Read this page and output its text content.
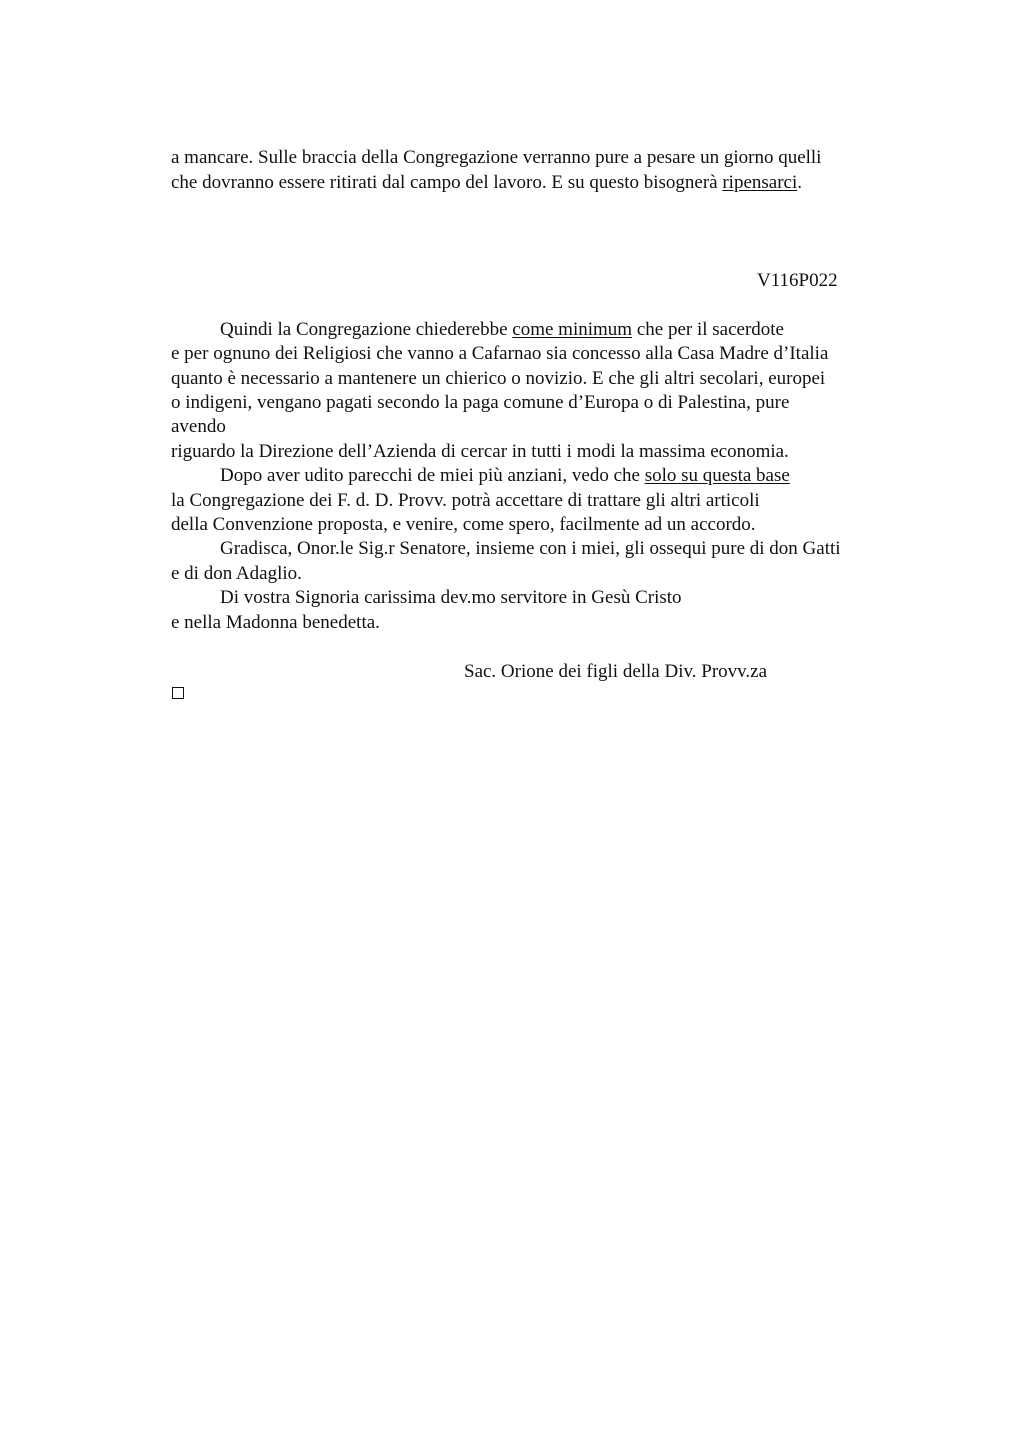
a mancare. Sulle braccia della Congregazione verranno pure a pesare un giorno quelli
che dovranno essere ritirati dal campo del lavoro. E su questo bisognerà ripensarci.
V116P022
Quindi la Congregazione chiederebbe come minimum che per il sacerdote
e per ognuno dei Religiosi che vanno a Cafarnao sia concesso alla Casa Madre d’Italia
quanto è necessario a mantenere un chierico o novizio. E che gli altri secolari, europei
o indigeni, vengano pagati secondo la paga comune d’Europa o di Palestina, pure
avendo
riguardo la Direzione dell’Azienda di cercar in tutti i modi la massima economia.
Dopo aver udito parecchi de miei più anziani, vedo che solo su questa base
la Congregazione dei F. d. D. Provv. potrà accettare di trattare gli altri articoli
della Convenzione proposta, e venire, come spero, facilmente ad un accordo.
Gradisca, Onor.le Sig.r Senatore, insieme con i miei, gli ossequi pure di don Gatti
e di don Adaglio.
Di vostra Signoria carissima dev.mo servitore in Gesù Cristo
e nella Madonna benedetta.
Sac. Orione dei figli della Div. Provv.za
